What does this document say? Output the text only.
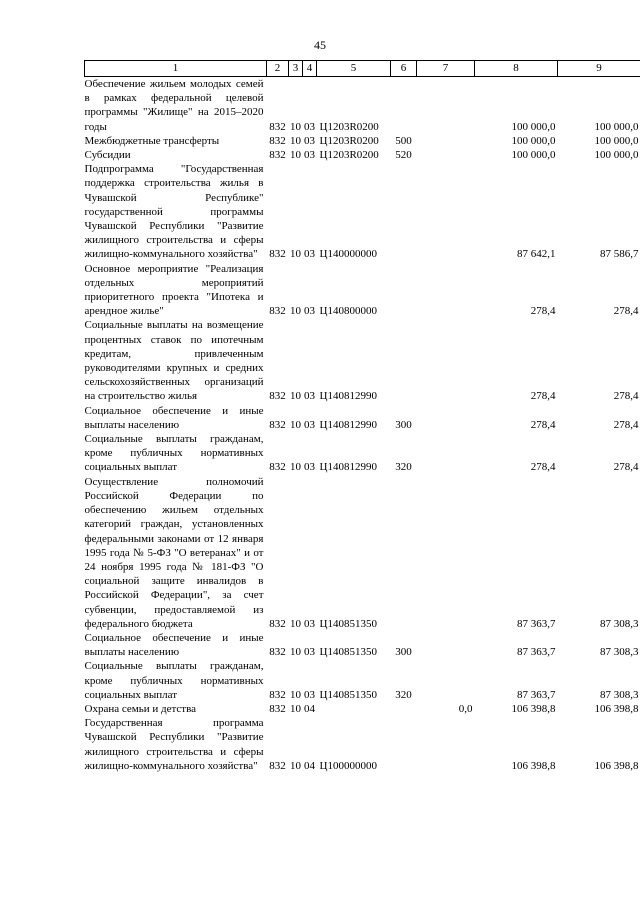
45
1	2	3	4	5	6	7	8	9
Обеспечение жильем молодых семей в рамках федеральной целевой программы "Жилище" на 2015–2020 годы	832	10	03	Ц1203R0200			100 000,0	100 000,0
Межбюджетные трансферты	832	10	03	Ц1203R0200	500		100 000,0	100 000,0
Субсидии	832	10	03	Ц1203R0200	520		100 000,0	100 000,0
Подпрограмма "Государственная поддержка строительства жилья в Чувашской Республике" государственной программы Чувашской Республики "Развитие жилищного строительства и сферы жилищно-коммунального хозяйства"	832	10	03	Ц140000000			87 642,1	87 586,7
Основное мероприятие "Реализация отдельных мероприятий приоритетного проекта "Ипотека и арендное жилье"	832	10	03	Ц140800000			278,4	278,4
Социальные выплаты на возмещение процентных ставок по ипотечным кредитам, привлеченным руководителями крупных и средних сельскохозяйственных организаций на строительство жилья	832	10	03	Ц140812990			278,4	278,4
Социальное обеспечение и иные выплаты населению	832	10	03	Ц140812990	300		278,4	278,4
Социальные выплаты гражданам, кроме публичных нормативных социальных выплат	832	10	03	Ц140812990	320		278,4	278,4
Осуществление полномочий Российской Федерации по обеспечению жильем отдельных категорий граждан, установленных федеральными законами от 12 января 1995 года № 5-ФЗ "О ветеранах" и от 24 ноября 1995 года № 181-ФЗ "О социальной защите инвалидов в Российской Федерации", за счет субвенции, предоставляемой из федерального бюджета	832	10	03	Ц140851350			87 363,7	87 308,3
Социальное обеспечение и иные выплаты населению	832	10	03	Ц140851350	300		87 363,7	87 308,3
Социальные выплаты гражданам, кроме публичных нормативных социальных выплат	832	10	03	Ц140851350	320		87 363,7	87 308,3
Охрана семьи и детства	832	10	04			0,0	106 398,8	106 398,8
Государственная программа Чувашской Республики "Развитие жилищного строительства и сферы жилищно-коммунального хозяйства"	832	10	04	Ц100000000			106 398,8	106 398,8
